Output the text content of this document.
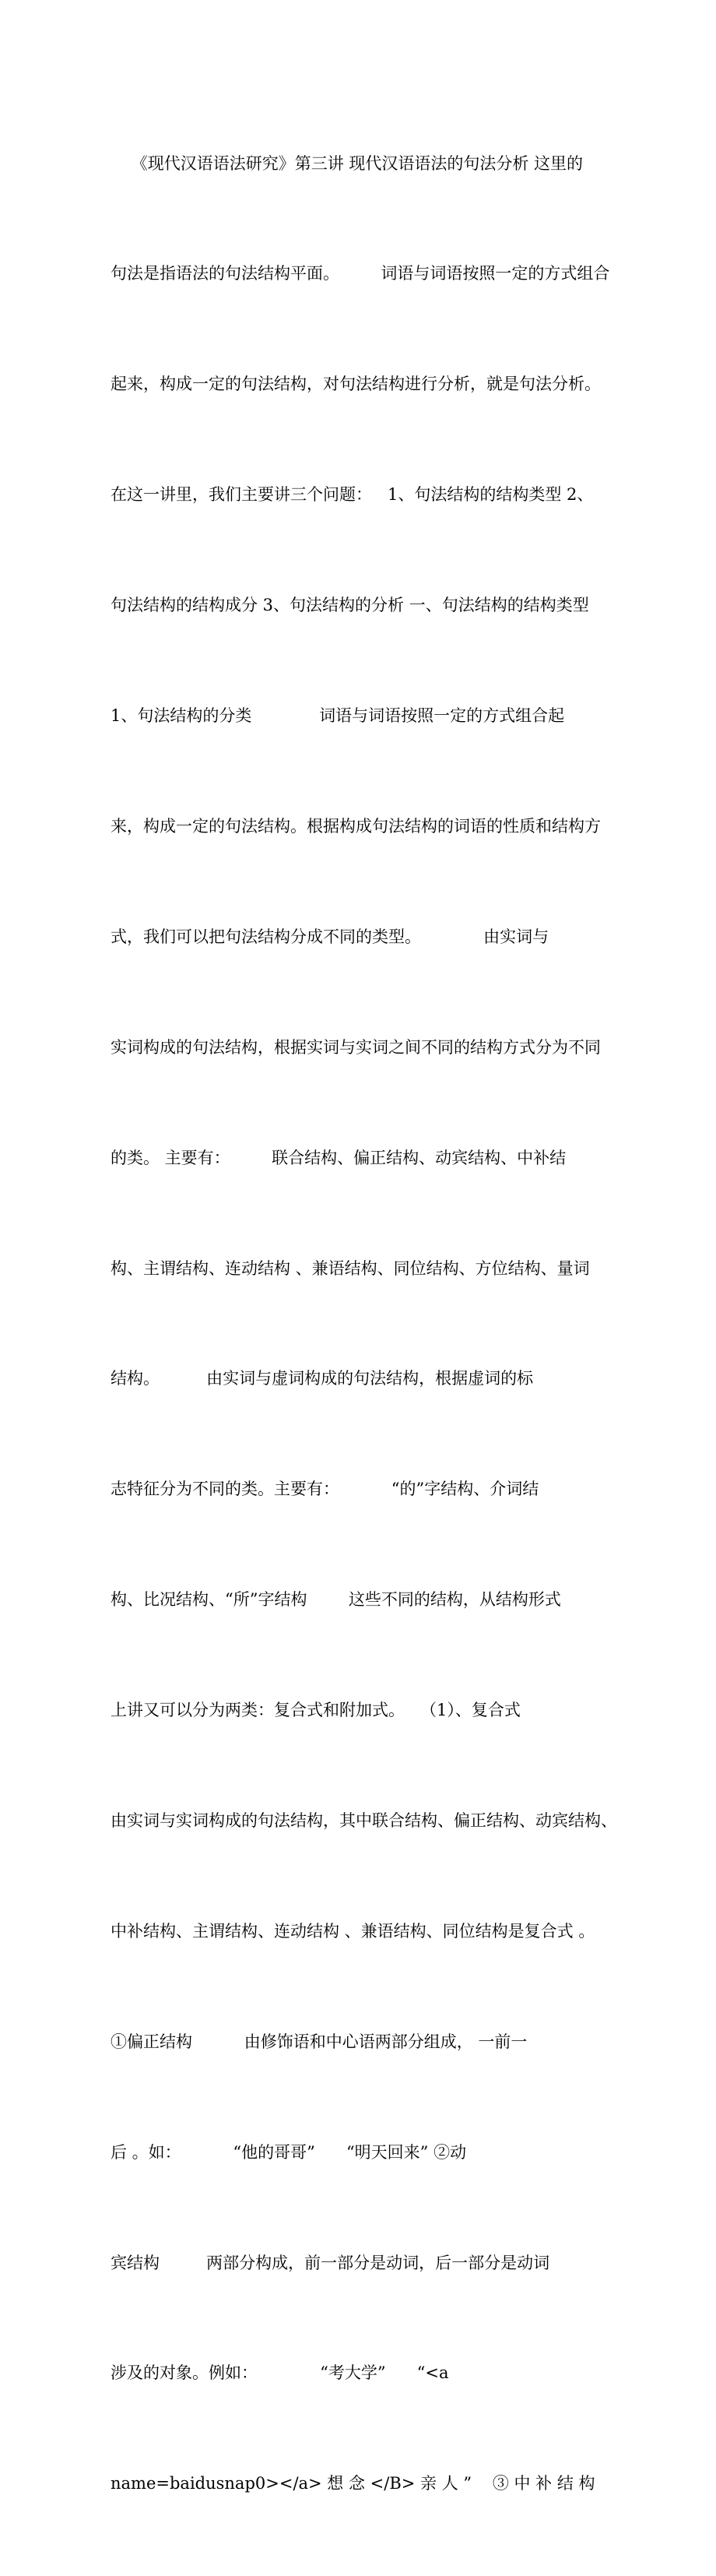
《现代汉语语法研究》第三讲 现代汉语语法的句法分析 这里的

句法是指语法的句法结构平面。        词语与词语按照一定的方式组合

起来，构成一定的句法结构，对句法结构进行分析，就是句法分析。

在这一讲里，我们主要讲三个问题：   1、句法结构的结构类型 2、

句法结构的结构成分 3、句法结构的分析 一、句法结构的结构类型

1、句法结构的分类             词语与词语按照一定的方式组合起

来，构成一定的句法结构。根据构成句法结构的词语的性质和结构方

式，我们可以把句法结构分成不同的类型。            由实词与

实词构成的句法结构，根据实词与实词之间不同的结构方式分为不同

的类。 主要有：        联合结构、偏正结构、动宾结构、中补结

构、主谓结构、连动结构 、兼语结构、同位结构、方位结构、量词

结构。         由实词与虚词构成的句法结构，根据虚词的标

志特征分为不同的类。主要有：          “的”字结构、介词结

构、比况结构、“所”字结构        这些不同的结构，从结构形式

上讲又可以分为两类：复合式和附加式。   （1）、复合式

由实词与实词构成的句法结构，其中联合结构、偏正结构、动宾结构、

中补结构、主谓结构、连动结构 、兼语结构、同位结构是复合式 。

①偏正结构          由修饰语和中心语两部分组成， 一前一

后 。如：          “他的哥哥”      “明天回来” ②动

宾结构         两部分构成，前一部分是动词，后一部分是动词

涉及的对象。例如：            “考大学”      “<a

name=baidusnap0></a> 想 念 </B> 亲 人 ”    ③ 中 补 结 构
